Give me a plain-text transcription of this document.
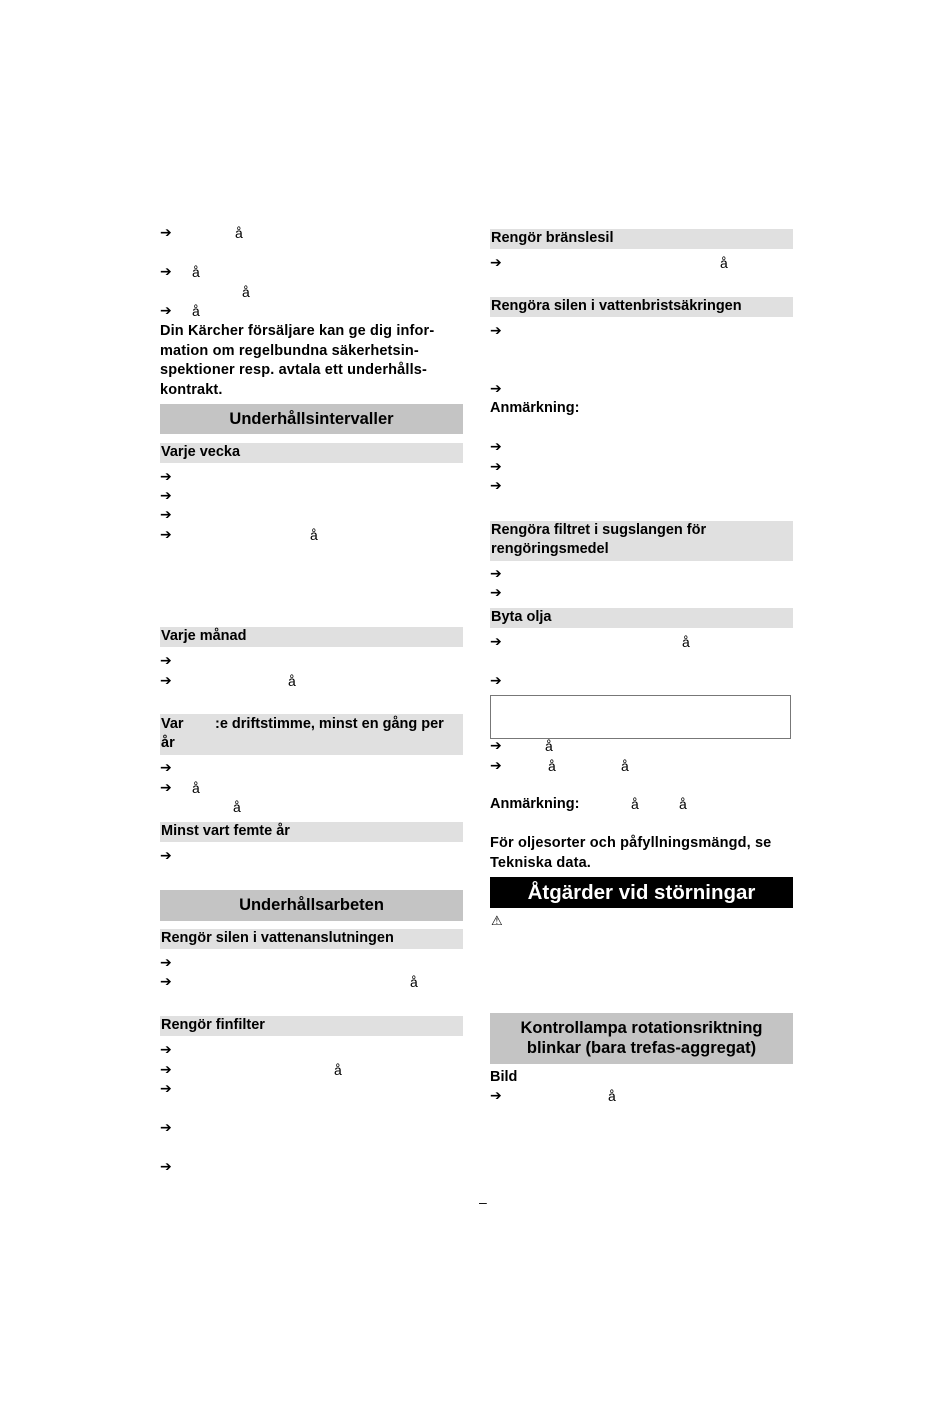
➔	å
➔ å
å
➔ å
Din Kärcher försäljare kan ge dig infor-
mation om regelbundna säkerhetsin-
spektioner resp. avtala ett underhålls-
kontrakt.
Underhållsintervaller
Varje vecka
➔
➔
➔
➔	å
Varje månad
➔
➔	å
Var :e driftstimme, minst en gång per
år
➔
➔ å
å
Minst vart femte år
➔
Underhållsarbeten
Rengör silen i vattenanslutningen
➔
➔	å
Rengör finfilter
➔
➔	å
➔
➔
➔
Rengör bränslesil
➔	å
Rengöra silen i vattenbristsäkringen
➔
➔
Anmärkning:
➔
➔
➔
Rengöra filtret i sugslangen för
rengöringsmedel
➔
➔
Byta olja
➔	å
➔
➔	å
➔	å	å
Anmärkning:	å	å
För oljesorter och påfyllningsmängd, se
Tekniska data.
Åtgärder vid störningar
⚠
Kontrollampa rotationsriktning
blinkar (bara trefas-aggregat)
Bild
➔	å
–
